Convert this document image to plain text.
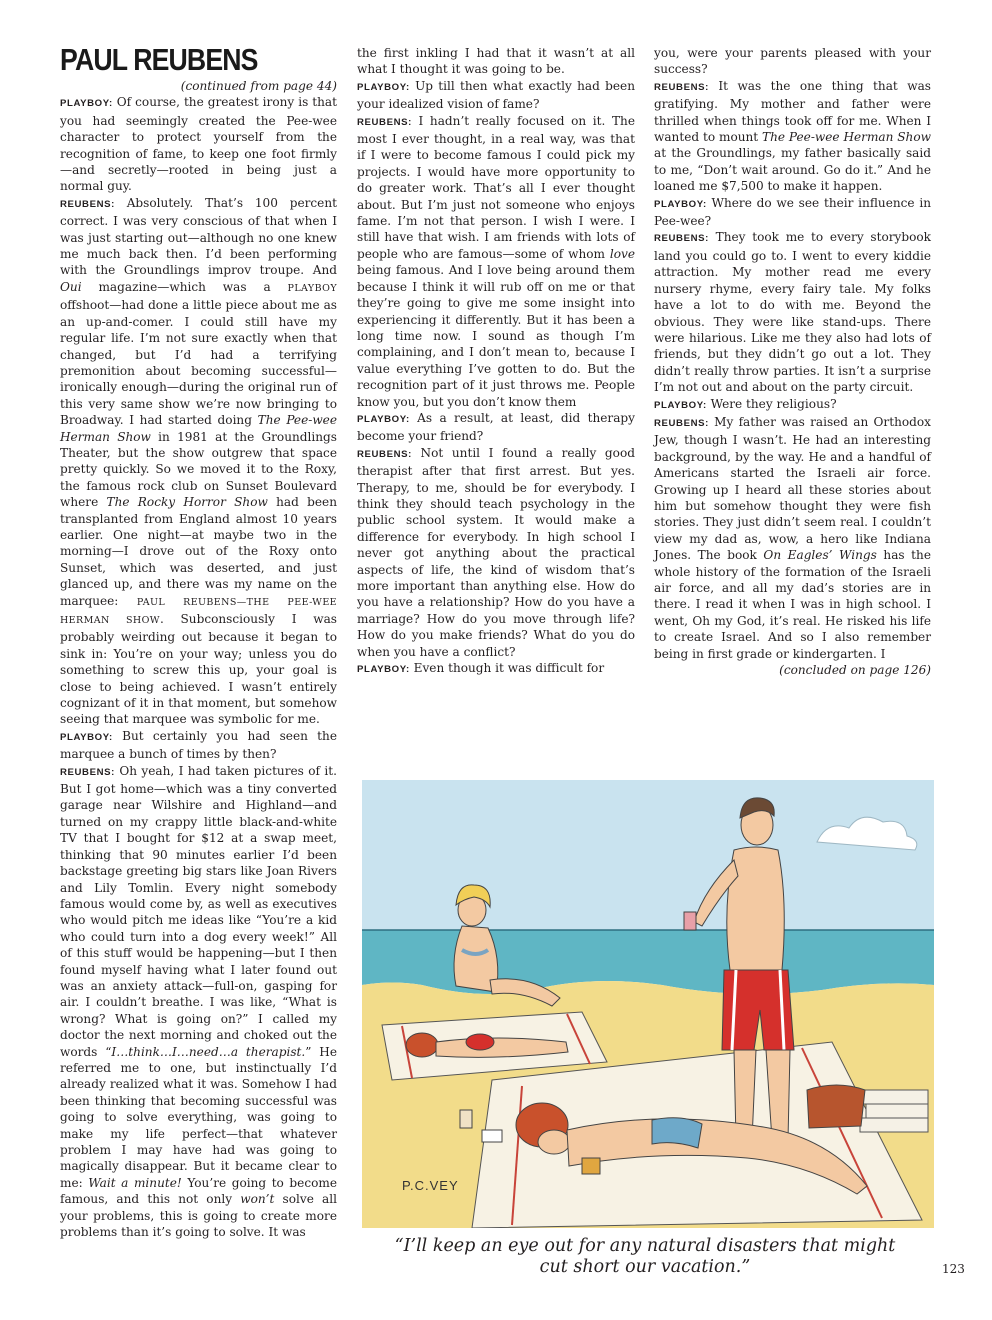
PAUL REUBENS

(continued from page 44)

PLAYBOY: Of course, the greatest irony is that you had seemingly created the Pee-wee character to protect yourself from the recognition of fame, to keep one foot firmly—and secretly—rooted in being just a normal guy.

REUBENS: Absolutely. That’s 100 percent correct. I was very conscious of that when I was just starting out—although no one knew me much back then. I’d been performing with the Groundlings improv troupe. And Oui magazine—which was a PLAYBOY offshoot—had done a little piece about me as an up-and-comer. I could still have my regular life. I’m not sure exactly when that changed, but I’d had a terrifying premonition about becoming successful—ironically enough—during the original run of this very same show we’re now bringing to Broadway. I had started doing The Pee-wee Herman Show in 1981 at the Groundlings Theater, but the show outgrew that space pretty quickly. So we moved it to the Roxy, the famous rock club on Sunset Boulevard where The Rocky Horror Show had been transplanted from England almost 10 years earlier. One night—at maybe two in the morning—I drove out of the Roxy onto Sunset, which was deserted, and just glanced up, and there was my name on the marquee: PAUL REUBENS—THE PEE-WEE HERMAN SHOW. Subconsciously I was probably weirding out because it began to sink in: You’re on your way; unless you do something to screw this up, your goal is close to being achieved. I wasn’t entirely cognizant of it in that moment, but somehow seeing that marquee was symbolic for me.

PLAYBOY: But certainly you had seen the marquee a bunch of times by then?

REUBENS: Oh yeah, I had taken pictures of it. But I got home—which was a tiny converted garage near Wilshire and Highland—and turned on my crappy little black-and-white TV that I bought for $12 at a swap meet, thinking that 90 minutes earlier I’d been backstage greeting big stars like Joan Rivers and Lily Tomlin. Every night somebody famous would come by, as well as executives who would pitch me ideas like “You’re a kid who could turn into a dog every week!” All of this stuff would be happening—but I then found myself having what I later found out was an anxiety attack—full-on, gasping for air. I couldn’t breathe. I was like, “What is wrong? What is going on?” I called my doctor the next morning and choked out the words “I…think…I…need…a therapist.” He referred me to one, but instinctually I’d already realized what it was. Somehow I had been thinking that becoming successful was going to solve everything, was going to make my life perfect—that whatever problem I may have had was going to magically disappear. But it became clear to me: Wait a minute! You’re going to become famous, and this not only won’t solve all your problems, this is going to create more problems than it’s going to solve. It was

the first inkling I had that it wasn’t at all what I thought it was going to be.

PLAYBOY: Up till then what exactly had been your idealized vision of fame?

REUBENS: I hadn’t really focused on it. The most I ever thought, in a real way, was that if I were to become famous I could pick my projects. I would have more opportunity to do greater work. That’s all I ever thought about. But I’m just not someone who enjoys fame. I’m not that person. I wish I were. I still have that wish. I am friends with lots of people who are famous—some of whom love being famous. And I love being around them because I think it will rub off on me or that they’re going to give me some insight into experiencing it differently. But it has been a long time now. I sound as though I’m complaining, and I don’t mean to, because I value everything I’ve gotten to do. But the recognition part of it just throws me. People know you, but you don’t know them

PLAYBOY: As a result, at least, did therapy become your friend?

REUBENS: Not until I found a really good therapist after that first arrest. But yes. Therapy, to me, should be for everybody. I think they should teach psychology in the public school system. It would make a difference for everybody. In high school I never got anything about the practical aspects of life, the kind of wisdom that’s more important than anything else. How do you have a relationship? How do you have a marriage? How do you move through life? How do you make friends? What do you do when you have a conflict?

PLAYBOY: Even though it was difficult for

you, were your parents pleased with your success?

REUBENS: It was the one thing that was gratifying. My mother and father were thrilled when things took off for me. When I wanted to mount The Pee-wee Herman Show at the Groundlings, my father basically said to me, “Don’t wait around. Go do it.” And he loaned me $7,500 to make it happen.

PLAYBOY: Where do we see their influence in Pee-wee?

REUBENS: They took me to every storybook land you could go to. I went to every kiddie attraction. My mother read me every nursery rhyme, every fairy tale. My folks have a lot to do with me. Beyond the obvious. They were like stand-ups. There were hilarious. Like me they also had lots of friends, but they didn’t go out a lot. They didn’t really throw parties. It isn’t a surprise I’m not out and about on the party circuit.

PLAYBOY: Were they religious?

REUBENS: My father was raised an Orthodox Jew, though I wasn’t. He had an interesting background, by the way. He and a handful of Americans started the Israeli air force. Growing up I heard all these stories about him but somehow thought they were fish stories. They just didn’t seem real. I couldn’t view my dad as, wow, a hero like Indiana Jones. The book On Eagles’ Wings has the whole history of the formation of the Israeli air force, and all my dad’s stories are in there. I read it when I was in high school. I went, Oh my God, it’s real. He risked his life to create Israel. And so I also remember being in first grade or kindergarten. I

(concluded on page 126)

P.C.VEY
“I’ll keep an eye out for any natural disasters that might
cut short our vacation.”	123
